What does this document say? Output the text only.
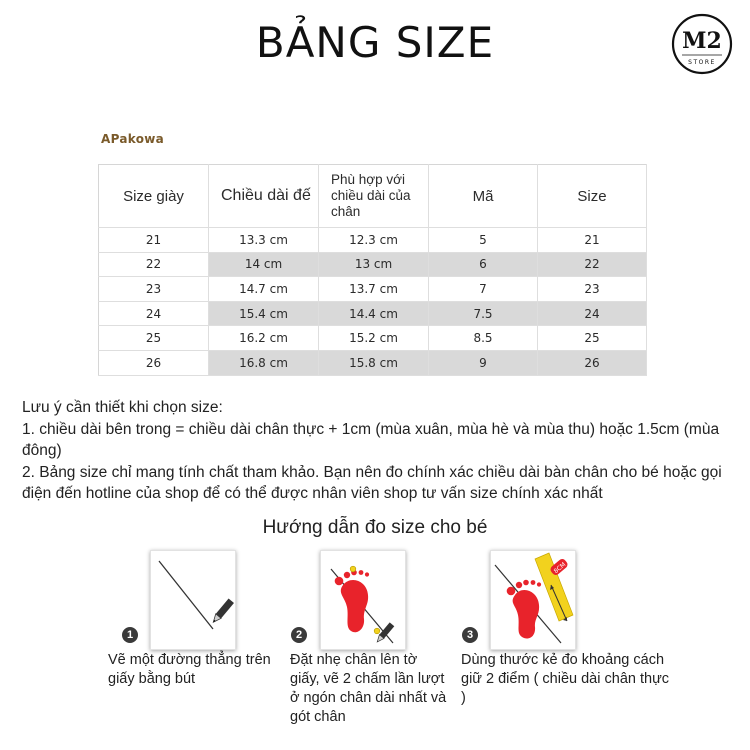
BẢNG SIZE	M2
STORE
APakowa
Size giày	Chiều dài đế	Phù hợp với chiều dài của chân	Mã	Size
21	13.3 cm	12.3 cm	5	21
22	14 cm	13 cm	6	22
23	14.7 cm	13.7 cm	7	23
24	15.4 cm	14.4 cm	7.5	24
25	16.2 cm	15.2 cm	8.5	25
26	16.8 cm	15.8 cm	9	26

Lưu ý cần thiết khi chọn size:

1. chiều dài bên trong = chiều dài chân thực + 1cm (mùa xuân, mùa hè và mùa thu) hoặc 1.5cm (mùa đông)

2. Bảng size chỉ mang tính chất tham khảo. Bạn nên đo chính xác chiều dài bàn chân cho bé hoặc gọi điện đến hotline của shop để có thể được nhân viên shop tư vấn size chính xác nhất

Hướng dẫn đo size cho bé
1
Vẽ một đường thẳng trên giấy bằng bút
2
Đặt nhẹ chân lên tờ giấy, vẽ 2 chấm lần lượt ở ngón chân dài nhất và gót chân
8CM
3
Dùng thước kẻ đo khoảng cách giữ 2 điểm ( chiều dài chân thực )
